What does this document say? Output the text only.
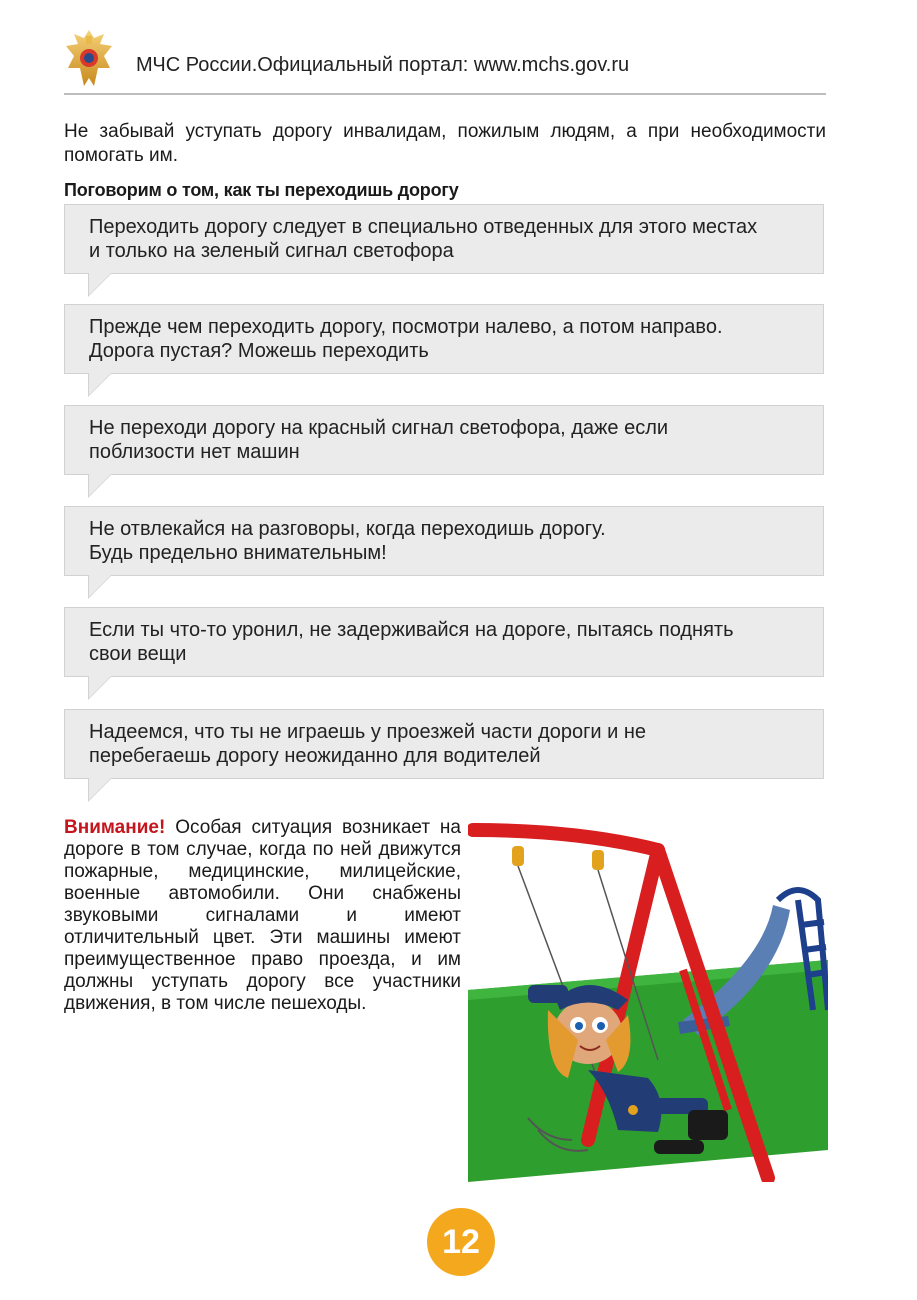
МЧС России.Официальный портал: www.mchs.gov.ru
Не забывай уступать дорогу инвалидам, пожилым людям, а при необходимости помогать им.
Поговорим о том, как ты переходишь дорогу
Переходить дорогу следует в специально отведенных для этого местах
и только на зеленый сигнал светофора
Прежде чем переходить дорогу, посмотри налево, а потом направо.
Дорога пустая? Можешь переходить
Не переходи дорогу на красный сигнал светофора, даже если
поблизости нет машин
Не отвлекайся на разговоры, когда переходишь дорогу.
Будь предельно внимательным!
Если ты что-то уронил, не задерживайся на дороге, пытаясь поднять
свои вещи
Надеемся, что ты не играешь у проезжей части дороги и не
перебегаешь дорогу неожиданно для водителей
Внимание! Особая ситуация возникает на дороге в том случае, когда по ней движутся пожарные, медицинские, милицейские, военные автомобили. Они снабжены звуковыми сигналами и имеют отличительный цвет. Эти машины имеют преимущественное право проезда, и им должны уступать дорогу все участники движения, в том числе пешеходы.
12
